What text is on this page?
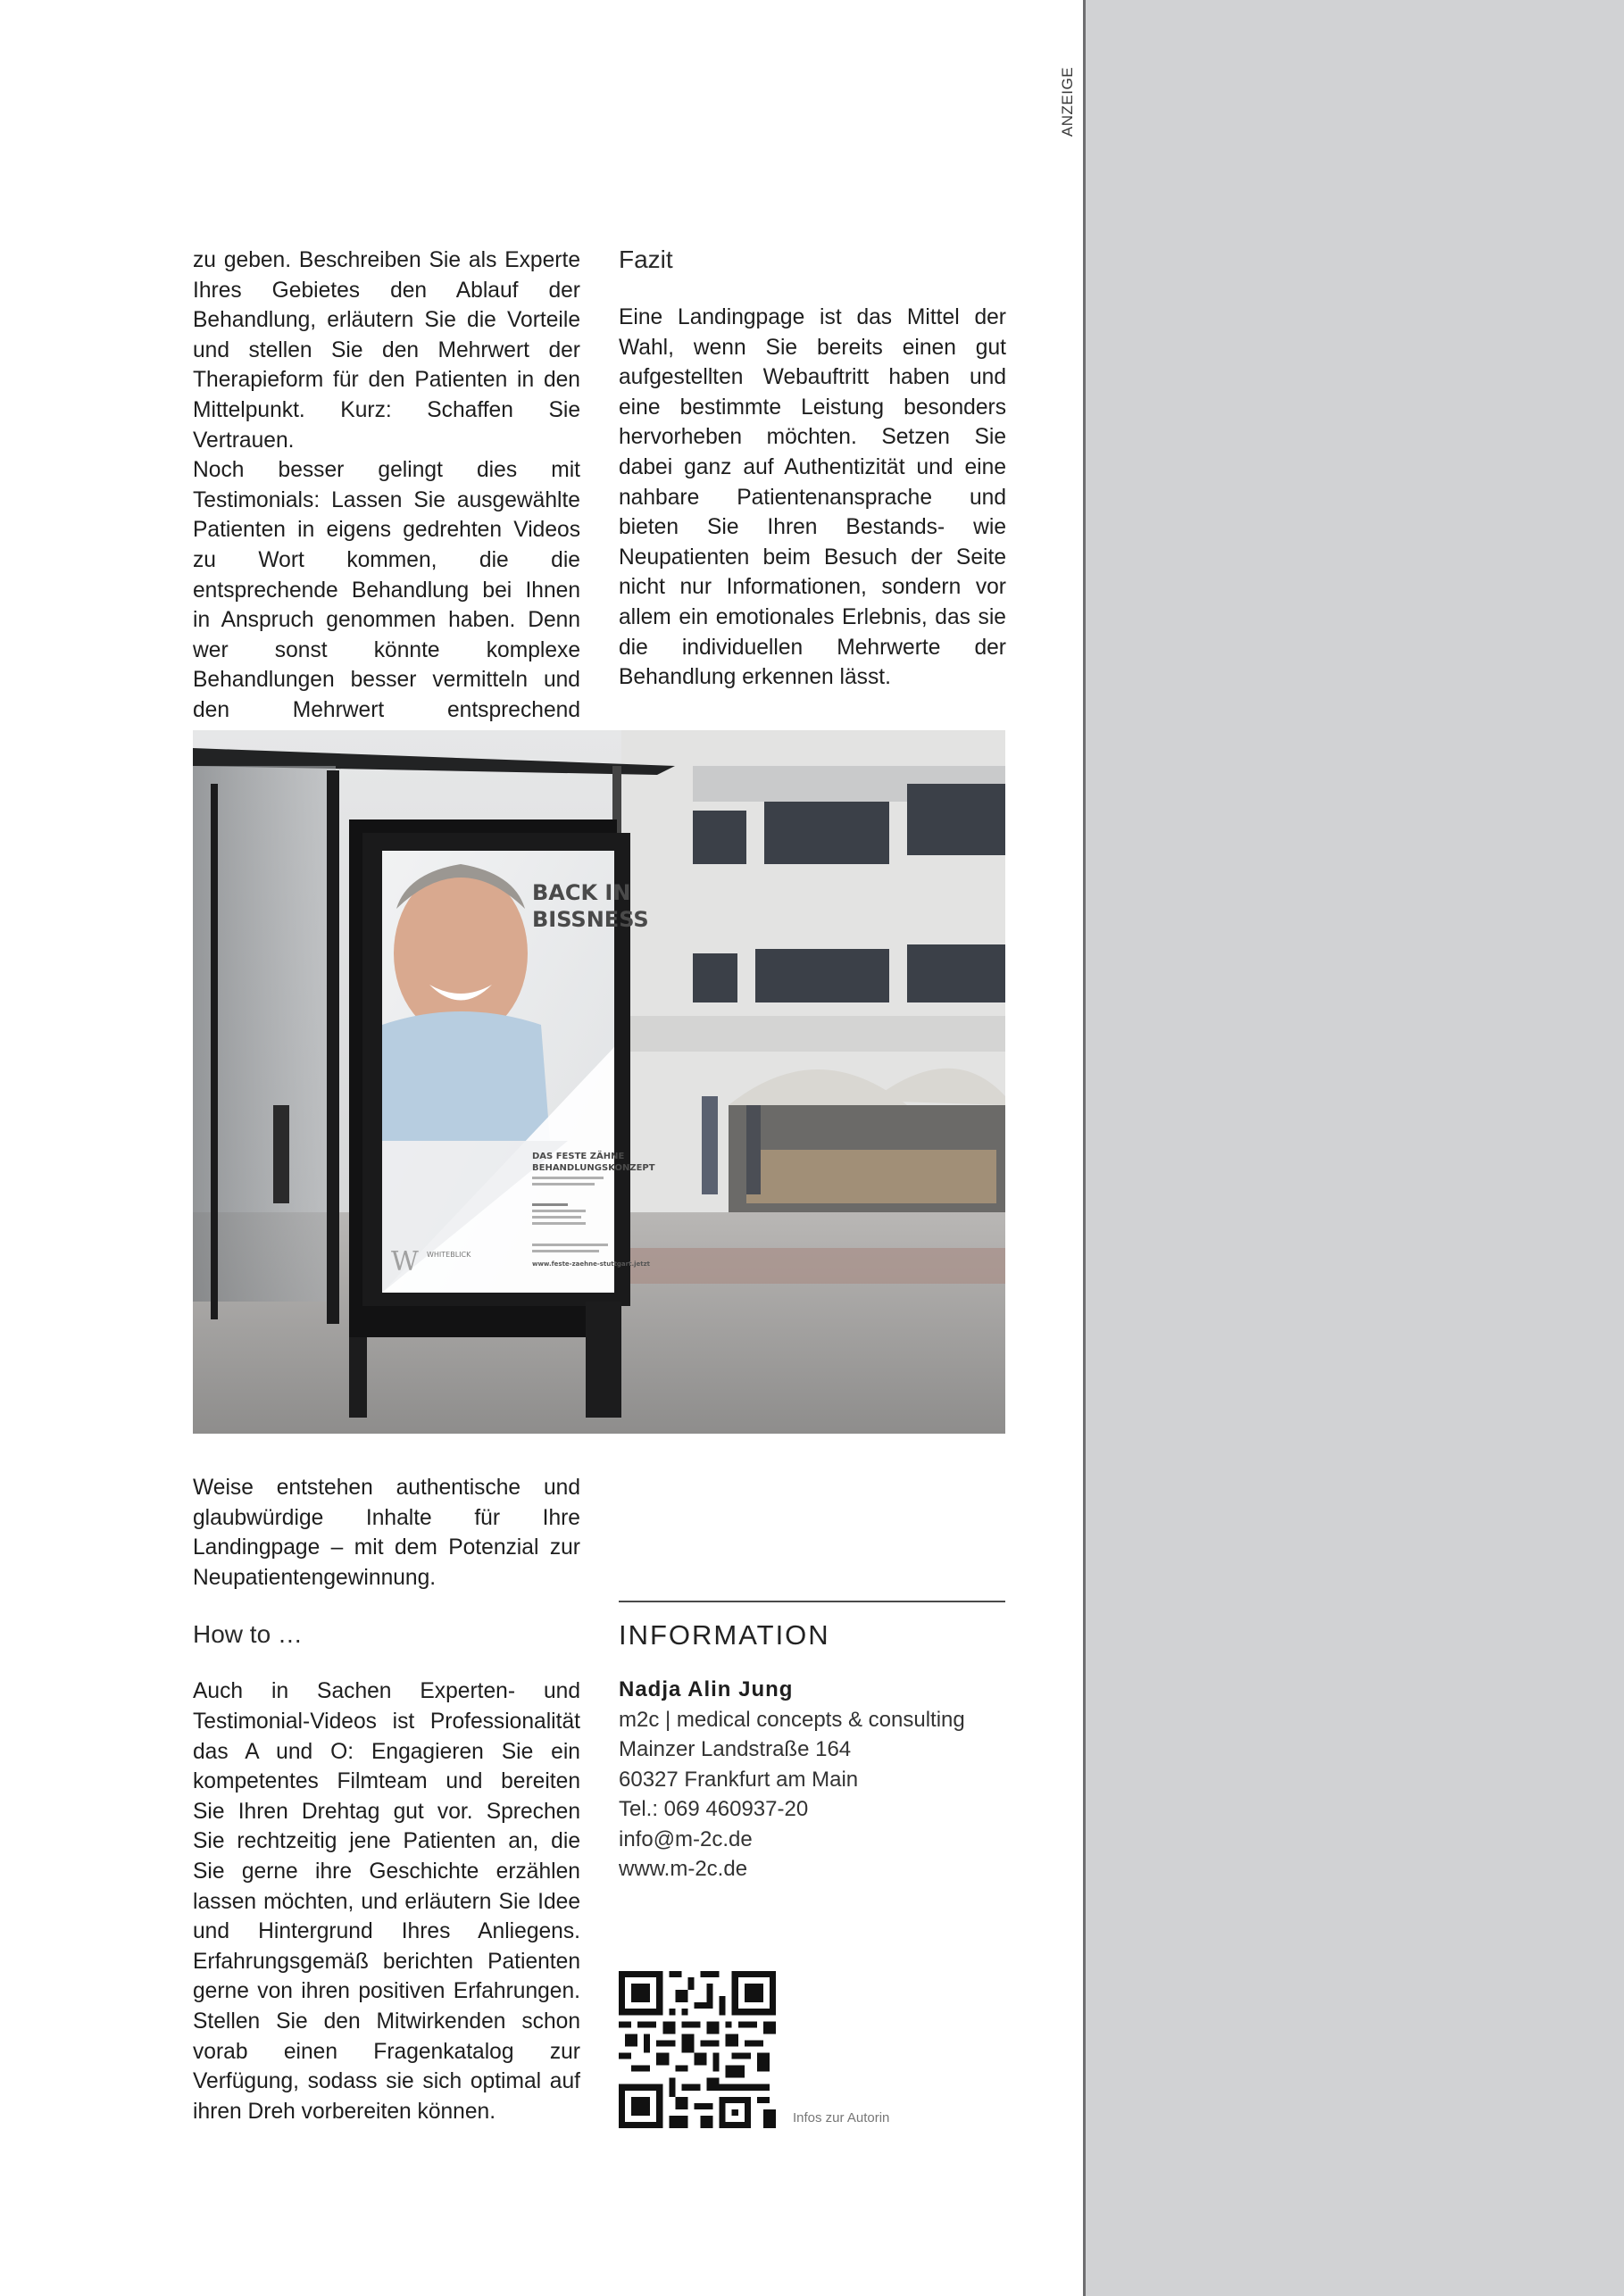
ANZEIGE

zu geben. Beschreiben Sie als Experte Ihres Gebietes den Ablauf der Behandlung, erläutern Sie die Vorteile und stellen Sie den Mehrwert der Therapieform für den Patienten in den Mittelpunkt. Kurz: Schaffen Sie Vertrauen.

Noch besser gelingt dies mit Testimonials: Lassen Sie ausgewählte Patienten in eigens gedrehten Videos zu Wort kommen, die die entsprechende Behandlung bei Ihnen in Anspruch genommen haben. Denn wer sonst könnte komplexe Behandlungen besser vermitteln und den Mehrwert entsprechend

Fazit

Eine Landingpage ist das Mittel der Wahl, wenn Sie bereits einen gut aufgestellten Webauftritt haben und eine bestimmte Leistung besonders hervorheben möchten. Setzen Sie dabei ganz auf Authentizität und eine nahbare Patientenansprache und bieten Sie Ihren Bestands- wie Neupatienten beim Besuch der Seite nicht nur Informationen, sondern vor allem ein emotionales Erlebnis, das sie die individuellen Mehrwerte der Behandlung erkennen lässt.

BACK IN
BISSNESS
DAS FESTE ZÄHNE
BEHANDLUNGSKONZEPT
www.feste-zaehne-stuttgart.jetzt
W WHITEBLICK

Weise entstehen authentische und glaubwürdige Inhalte für Ihre Landingpage – mit dem Potenzial zur Neupatientengewinnung.

How to …

Auch in Sachen Experten- und Testimonial-Videos ist Professionalität das A und O: Engagieren Sie ein kompetentes Filmteam und bereiten Sie Ihren Drehtag gut vor. Sprechen Sie rechtzeitig jene Patienten an, die Sie gerne ihre Geschichte erzählen lassen möchten, und erläutern Sie Idee und Hintergrund Ihres Anliegens. Erfahrungsgemäß berichten Patienten gerne von ihren positiven Erfahrungen. Stellen Sie den Mitwirkenden schon vorab einen Fragenkatalog zur Verfügung, sodass sie sich optimal auf ihren Dreh vorbereiten können.

INFORMATION

Nadja Alin Jung
m2c | medical concepts & consulting
Mainzer Landstraße 164
60327 Frankfurt am Main
Tel.: 069 460937-20
info@m-2c.de
www.m-2c.de
Infos zur Autorin
